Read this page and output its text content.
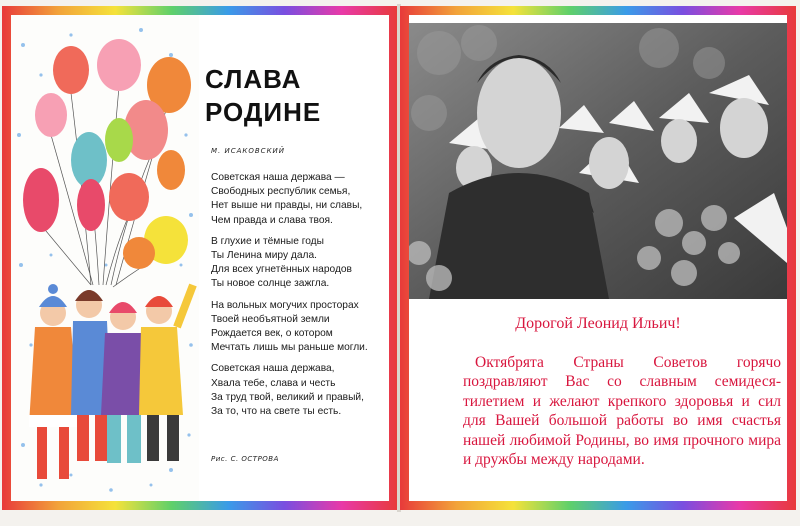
СЛАВА
РОДИНЕ
М. ИСАКОВСКИЙ
Советская наша держава —
Свободных республик семья,
Нет выше ни правды, ни славы,
Чем правда и слава твоя.
В глухие и тёмные годы
Ты Ленина миру дала.
Для всех угнетённых народов
Ты новое солнце зажгла.
На вольных могучих просторах
Твоей необъятной земли
Рождается век, о котором
Мечтать лишь мы раньше могли.
Советская наша держава,
Хвала тебе, слава и честь
За труд твой, великий и правый,
За то, что на свете ты есть.
Рис. С. ОСТРОВА
Дорогой Леонид Ильич!

Октябрята Страны Советов горячо поздравляют Вас со славным семидеся-тилетием и желают крепкого здоровья и сил для Вашей большой работы во имя счастья нашей любимой Родины, во имя прочного мира и дружбы между народами.
